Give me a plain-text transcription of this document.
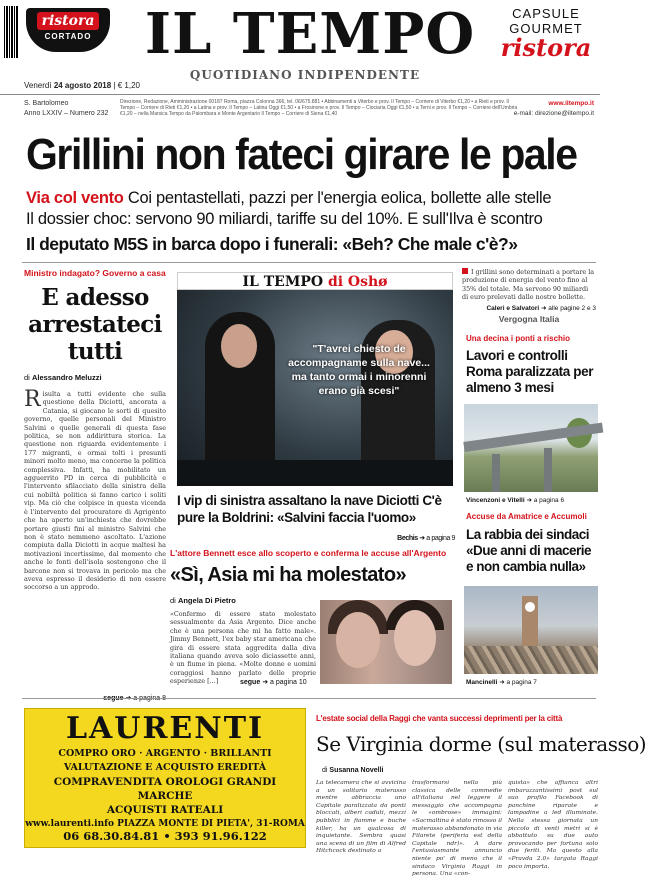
ristora
CORTADO IL TEMPO
QUOTIDIANO INDIPENDENTE
CAPSULE
GOURMET
ristora
Venerdì 24 agosto 2018 | € 1,20
S. Bartolomeo
Anno LXXIV – Numero 232
Direzione, Redazione, Amministrazione 00187 Roma, piazza Colonna 366, tel. 06/675.881 • Abbinamenti a Viterbo e prov. Il Tempo – Corriere di Viterbo €1,20 • a Rieti e prov. Il Tempo – Corriere di Rieti €1,20 • a Latina e prov. Il Tempo – Latina Oggi €1,50 • a Frosinone e prov. Il Tempo – Ciociaria Oggi €1,50 • a Terni e prov. Il Tempo – Corriere dell'Umbria €1,20 – nella Marsica Tempo da Palombara e Monte Argentario Il Tempo – Corriere di Siena €1,40
www.iltempo.it
e-mail: direzione@iltempo.it
Grillini non fateci girare le pale
Via col vento Coi pentastellati, pazzi per l'energia eolica, bollette alle stelle
Il dossier choc: servono 90 miliardi, tariffe su del 10%. E sull'Ilva è scontro
Il deputato M5S in barca dopo i funerali: «Beh? Che male c'è?»
Ministro indagato? Governo a casa
E adesso arrestateci tutti
di Alessandro Meluzzi
Risulta a tutti evidente che sulla questione della Diciotti, ancorata a Catania, si giocano le sorti di quesito governo, quelle personali del Ministro Salvini e quelle generali di questa fase politica, se non addirittura storica. La questione non riguarda evidentemente i 177 migranti, e ormai tolti i presunti minori molto meno, ma concerne la politica complessiva. Infatti, ha mobilitato un agguerrito PD in cerca di pubblicità e l'intervento sfilacciato della sinistra della cui nobiltà politica si fanno carico i soliti vip. Ma ciò che colpisce in questa vicenda è l'intervento del procuratore di Agrigento che ha aperto un'inchiesta che dovrebbe portare giusti fini al ministro Salvini che non è stato nemmeno ascoltato. L'azione compiuta dalla Diciotti in acque maltesi ha motivazioni incertissime, dal momento che anche le fonti dell'isola sostengono che il barcone non si trovava in pericolo ma che aveva espresso il desiderio di non essere soccorso a un approdo.
IL TEMPO di Oshø
"T'avrei chiesto de accompagname sulla nave... ma tanto ormai i minorenni erano già scesi"
I vip di sinistra assaltano la nave Diciotti C'è pure la Boldrini: «Salvini faccia l'uomo»
Bechis ➜ a pagina 9
L'attore Bennett esce allo scoperto e conferma le accuse all'Argento
«Sì, Asia mi ha molestato»
di Angela Di Pietro
«Confermo di essere stato molestato sessualmente da Asia Argento. Dice anche che è una persona che mi ha fatto male». Jimmy Bennett, l'ex baby star americana che gira di essere stata aggredita dalla diva italiana quando aveva solo diciassette anni, è un fiume in piena. «Molte donne e uomini coraggiosi hanno parlato delle proprie esperienze [...]	segue ➜ a pagina 10
I grillini sono determinati a portare la produzione di energia del vento fino al 35% del totale. Ma servono 90 miliardi di euro prelevati dalle nostre bollette.
Caleri e Salvatori ➜ alle pagine 2 e 3
Vergogna Italia
Una decina i ponti a rischio
Lavori e controlli Roma paralizzata per almeno 3 mesi
Vincenzoni e Vitelli ➜ a pagina 6
Accuse da Amatrice e Accumoli
La rabbia dei sindaci «Due anni di macerie e non cambia nulla»
Mancinelli ➜ a pagina 7
LAURENTI
COMPRO ORO · ARGENTO · BRILLANTI
VALUTAZIONE E ACQUISTO EREDITÀ
COMPRAVENDITA OROLOGI GRANDI MARCHE
ACQUISTI RATEALI
www.laurenti.info PIAZZA MONTE DI PIETA', 31-ROMA
06 68.30.84.81 • 393 91.96.122
L'estate social della Raggi che vanta successi deprimenti per la città
Se Virginia dorme (sul materasso)
di Susanna Novelli
La telecamera che si avvicina a un solitario materasso mentre abbraccia uno Capitale paralizzata da ponti bloccati, alberi caduti, mezzi pubblici in fiamme e buche killer, ha un qualcosa di inquietante. Sembra quasi una scena di un film di Alfred Hitchcock destinato a
trasformarsi nella più classica delle commedie all'italiana nel leggere il messaggio che accompagna le «ombrose» immagini: «Sacmaltina è stato rimosso il materasso abbandonato in via Filarete (periferia est della Capitale ndr)». A dare l'entusiasmante annuncio niente po' di meno che il sindaco Virginia Raggi in persona. Una «con-
quista» che affianca altri imbarazzantissimi post sul suo profilo Facebook di panchine riparate e lampadine a led illuminate. Nella stessa giornata un piccolo di venti metri si è abbattuto su due auto provocando per fortuna solo due feriti. Ma questo alla «Pravda 2.0» targata Raggi poco importa.
